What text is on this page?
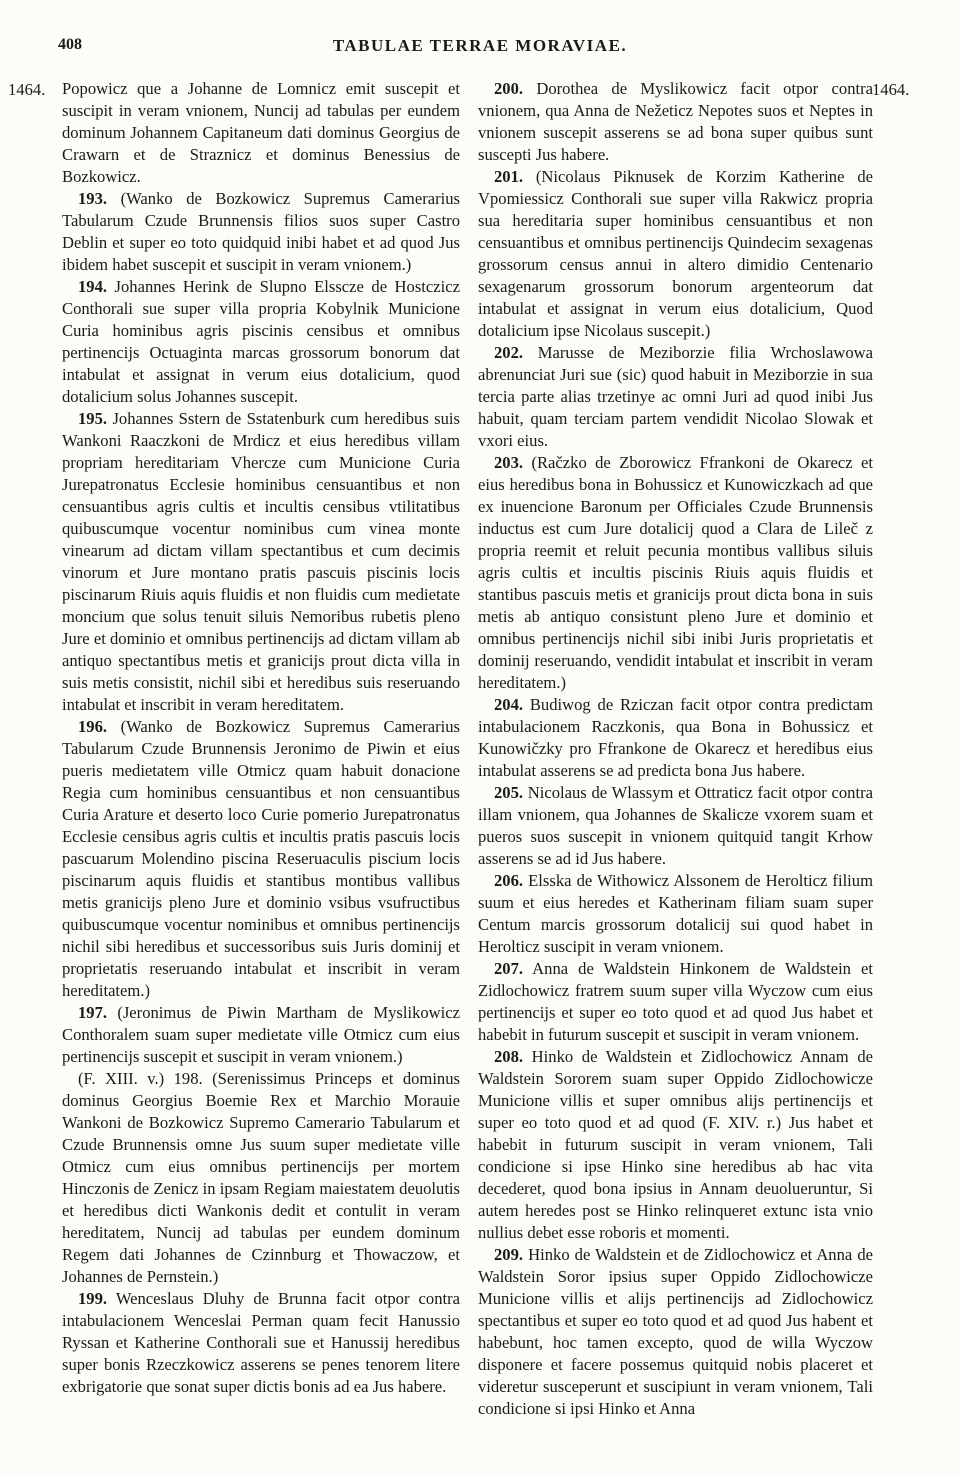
408	TABULAE TERRAE MORAVIAE.
1464.	1464.

Popowicz que a Johanne de Lomnicz emit suscepit et suscipit in veram vnionem, Nuncij ad tabulas per eundem dominum Johannem Capitaneum dati dominus Georgius de Crawarn et de Straznicz et dominus Benessius de Bozkowicz.

193. (Wanko de Bozkowicz Supremus Camerarius Tabularum Czude Brunnensis filios suos super Castro Deblin et super eo toto quidquid inibi habet et ad quod Jus ibidem habet suscepit et suscipit in veram vnionem.)

194. Johannes Herink de Slupno Elsscze de Hostczicz Conthorali sue super villa propria Kobylnik Municione Curia hominibus agris piscinis censibus et omnibus pertinencijs Octuaginta marcas grossorum bonorum dat intabulat et assignat in verum eius dotalicium, quod dotalicium solus Johannes suscepit.

195. Johannes Sstern de Sstatenburk cum heredibus suis Wankoni Raaczkoni de Mrdicz et eius heredibus villam propriam hereditariam Vhercze cum Municione Curia Jurepatronatus Ecclesie hominibus censuantibus et non censuantibus agris cultis et incultis censibus vtilitatibus quibuscumque vocentur nominibus cum vinea monte vinearum ad dictam villam spectantibus et cum decimis vinorum et Jure montano pratis pascuis piscinis locis piscinarum Riuis aquis fluidis et non fluidis cum medietate moncium que solus tenuit siluis Nemoribus rubetis pleno Jure et dominio et omnibus pertinencijs ad dictam villam ab antiquo spectantibus metis et granicijs prout dicta villa in suis metis consistit, nichil sibi et heredibus suis reseruando intabulat et inscribit in veram hereditatem.

196. (Wanko de Bozkowicz Supremus Camerarius Tabularum Czude Brunnensis Jeronimo de Piwin et eius pueris medietatem ville Otmicz quam habuit donacione Regia cum hominibus censuantibus et non censuantibus Curia Arature et deserto loco Curie pomerio Jurepatronatus Ecclesie censibus agris cultis et incultis pratis pascuis locis pascuarum Molendino piscina Reseruaculis piscium locis piscinarum aquis fluidis et stantibus montibus vallibus metis granicijs pleno Jure et dominio vsibus vsufructibus quibuscumque vocentur nominibus et omnibus pertinencijs nichil sibi heredibus et successoribus suis Juris dominij et proprietatis reseruando intabulat et inscribit in veram hereditatem.)

197. (Jeronimus de Piwin Martham de Myslikowicz Conthoralem suam super medietate ville Otmicz cum eius pertinencijs suscepit et suscipit in veram vnionem.)

(F. XIII. v.) 198. (Serenissimus Princeps et dominus dominus Georgius Boemie Rex et Marchio Morauie Wankoni de Bozkowicz Supremo Camerario Tabularum et Czude Brunnensis omne Jus suum super medietate ville Otmicz cum eius omnibus pertinencijs per mortem Hinczonis de Zenicz in ipsam Regiam maiestatem deuolutis et heredibus dicti Wankonis dedit et contulit in veram hereditatem, Nuncij ad tabulas per eundem dominum Regem dati Johannes de Czinnburg et Thowaczow, et Johannes de Pernstein.)

199. Wenceslaus Dluhy de Brunna facit otpor contra intabulacionem Wenceslai Perman quam fecit Hanussio Ryssan et Katherine Conthorali sue et Hanussij heredibus super bonis Rzeczkowicz asserens se penes tenorem litere exbrigatorie que sonat super dictis bonis ad ea Jus habere.

200. Dorothea de Myslikowicz facit otpor contra vnionem, qua Anna de Nežeticz Nepotes suos et Neptes in vnionem suscepit asserens se ad bona super quibus sunt suscepti Jus habere.

201. (Nicolaus Piknusek de Korzim Katherine de Vpomiessicz Conthorali sue super villa Rakwicz propria sua hereditaria super hominibus censuantibus et non censuantibus et omnibus pertinencijs Quindecim sexagenas grossorum census annui in altero dimidio Centenario sexagenarum grossorum bonorum argenteorum dat intabulat et assignat in verum eius dotalicium, Quod dotalicium ipse Nicolaus suscepit.)

202. Marusse de Meziborzie filia Wrchoslawowa abrenunciat Juri sue (sic) quod habuit in Meziborzie in sua tercia parte alias trzetinye ac omni Juri ad quod inibi Jus habuit, quam terciam partem vendidit Nicolao Slowak et vxori eius.

203. (Račzko de Zborowicz Ffrankoni de Okarecz et eius heredibus bona in Bohussicz et Kunowiczkach ad que ex inuencione Baronum per Officiales Czude Brunnensis inductus est cum Jure dotalicij quod a Clara de Lileč z propria reemit et reluit pecunia montibus vallibus siluis agris cultis et incultis piscinis Riuis aquis fluidis et stantibus pascuis metis et granicijs prout dicta bona in suis metis ab antiquo consistunt pleno Jure et dominio et omnibus pertinencijs nichil sibi inibi Juris proprietatis et dominij reseruando, vendidit intabulat et inscribit in veram hereditatem.)

204. Budiwog de Rziczan facit otpor contra predictam intabulacionem Raczkonis, qua Bona in Bohussicz et Kunowičzky pro Ffrankone de Okarecz et heredibus eius intabulat asserens se ad predicta bona Jus habere.

205. Nicolaus de Wlassym et Ottraticz facit otpor contra illam vnionem, qua Johannes de Skalicze vxorem suam et pueros suos suscepit in vnionem quitquid tangit Krhow asserens se ad id Jus habere.

206. Elsska de Withowicz Alssonem de Herolticz filium suum et eius heredes et Katherinam filiam suam super Centum marcis grossorum dotalicij sui quod habet in Herolticz suscipit in veram vnionem.

207. Anna de Waldstein Hinkonem de Waldstein et Zidlochowicz fratrem suum super villa Wyczow cum eius pertinencijs et super eo toto quod et ad quod Jus habet et habebit in futurum suscepit et suscipit in veram vnionem.

208. Hinko de Waldstein et Zidlochowicz Annam de Waldstein Sororem suam super Oppido Zidlochowicze Municione villis et super omnibus alijs pertinencijs et super eo toto quod et ad quod (F. XIV. r.) Jus habet et habebit in futurum suscipit in veram vnionem, Tali condicione si ipse Hinko sine heredibus ab hac vita decederet, quod bona ipsius in Annam deuolueruntur, Si autem heredes post se Hinko relinqueret extunc ista vnio nullius debet esse roboris et momenti.

209. Hinko de Waldstein et de Zidlochowicz et Anna de Waldstein Soror ipsius super Oppido Zidlochowicze Municione villis et alijs pertinencijs ad Zidlochowicz spectantibus et super eo toto quod et ad quod Jus habent et habebunt, hoc tamen excepto, quod de willa Wyczow disponere et facere possemus quitquid nobis placeret et videretur susceperunt et suscipiunt in veram vnionem, Tali condicione si ipsi Hinko et Anna
